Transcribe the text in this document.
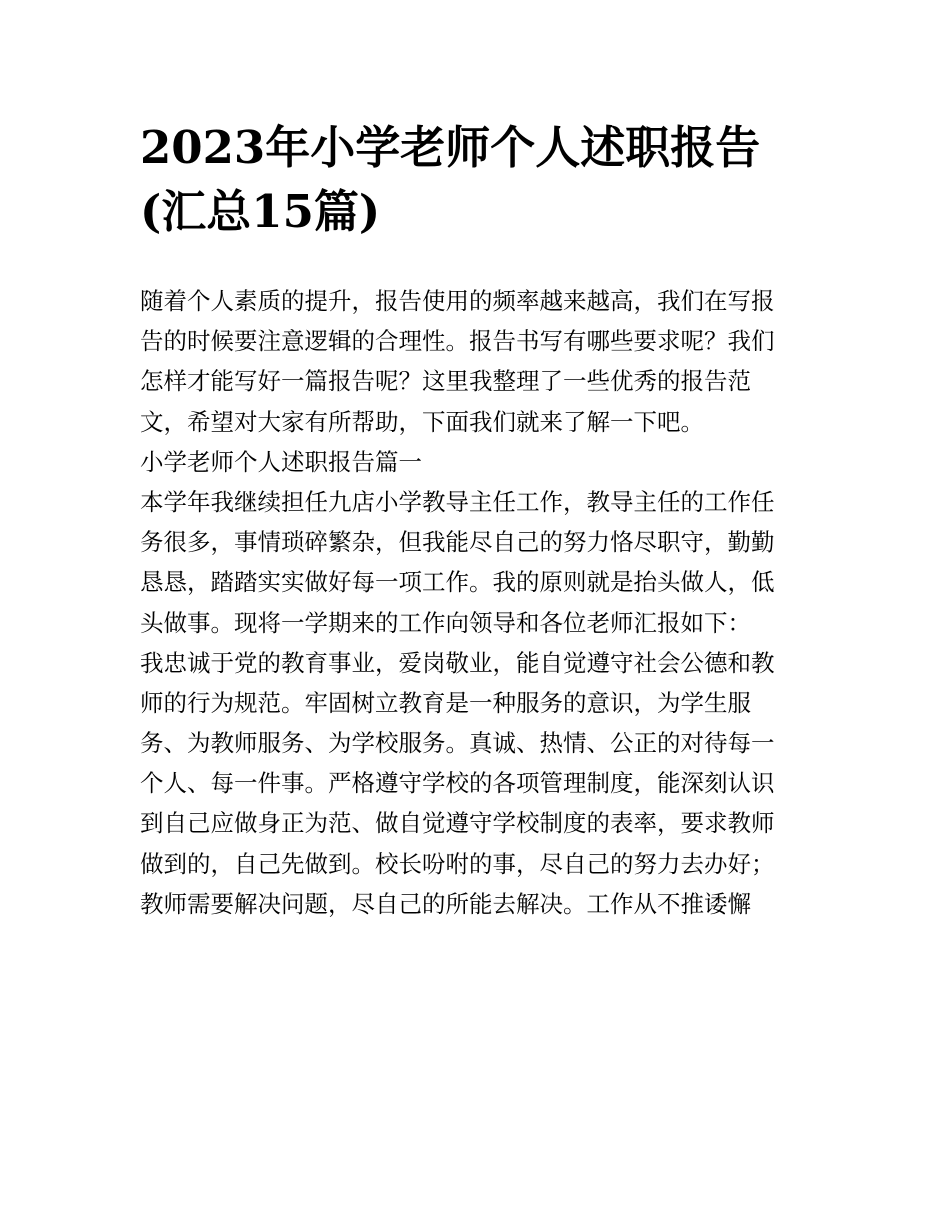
2023年小学老师个人述职报告
(汇总15篇)
随着个人素质的提升，报告使用的频率越来越高，我们在写报
告的时候要注意逻辑的合理性。报告书写有哪些要求呢？我们
怎样才能写好一篇报告呢？这里我整理了一些优秀的报告范
文，希望对大家有所帮助，下面我们就来了解一下吧。
小学老师个人述职报告篇一
本学年我继续担任九店小学教导主任工作，教导主任的工作任
务很多，事情琐碎繁杂，但我能尽自己的努力恪尽职守，勤勤
恳恳，踏踏实实做好每一项工作。我的原则就是抬头做人，低
头做事。现将一学期来的工作向领导和各位老师汇报如下：
我忠诚于党的教育事业，爱岗敬业，能自觉遵守社会公德和教
师的行为规范。牢固树立教育是一种服务的意识，为学生服
务、为教师服务、为学校服务。真诚、热情、公正的对待每一
个人、每一件事。严格遵守学校的各项管理制度，能深刻认识
到自己应做身正为范、做自觉遵守学校制度的表率，要求教师
做到的，自己先做到。校长吩咐的事，尽自己的努力去办好；
教师需要解决问题，尽自己的所能去解决。工作从不推诿懈
